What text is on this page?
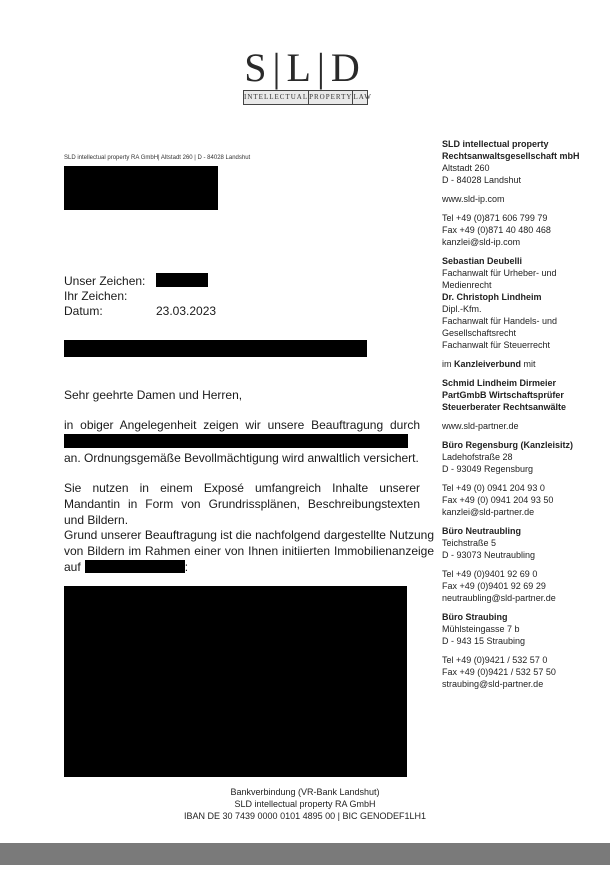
S|L|D
INTELLECTUAL PROPERTY LAW
SLD intellectual property RA GmbH| Altstadt 260 | D - 84028 Landshut
Unser Zeichen:
Ihr Zeichen:
Datum:	23.03.2023
Sehr geehrte Damen und Herren,
in obiger Angelegenheit zeigen wir unsere Beauftragung durch
an. Ordnungsgemäße Bevollmächtigung wird anwaltlich versichert.
Sie nutzen in einem Exposé umfangreich Inhalte unserer Mandantin in Form von Grundrissplänen, Beschreibungstexten und Bildern.
Grund unserer Beauftragung ist die nachfolgend dargestellte Nutzung von Bildern im Rahmen einer von Ihnen initiierten Immobilienanzeige auf	:
SLD intellectual property
Rechtsanwaltsgesellschaft mbH
Altstadt 260
D - 84028 Landshut
www.sld-ip.com
Tel +49 (0)871 606 799 79
Fax +49 (0)871 40 480 468
kanzlei@sld-ip.com
Sebastian Deubelli
Fachanwalt für Urheber- und
Medienrecht
Dr. Christoph Lindheim
Dipl.-Kfm.
Fachanwalt für Handels- und
Gesellschaftsrecht
Fachanwalt für Steuerrecht
im Kanzleiverbund mit
Schmid Lindheim Dirmeier
PartGmbB Wirtschaftsprüfer
Steuerberater Rechtsanwälte
www.sld-partner.de
Büro Regensburg (Kanzleisitz)
Ladehofstraße 28
D - 93049 Regensburg
Tel +49 (0) 0941 204 93 0
Fax +49 (0) 0941 204 93 50
kanzlei@sld-partner.de
Büro Neutraubling
Teichstraße 5
D - 93073 Neutraubling
Tel +49 (0)9401 92 69 0
Fax +49 (0)9401 92 69 29
neutraubling@sld-partner.de
Büro Straubing
Mühlsteingasse 7 b
D - 943 15 Straubing
Tel +49 (0)9421 / 532 57 0
Fax +49 (0)9421 / 532 57 50
straubing@sld-partner.de
Bankverbindung (VR-Bank Landshut)
SLD intellectual property RA GmbH
IBAN DE 30 7439 0000 0101 4895 00 | BIC GENODEF1LH1
